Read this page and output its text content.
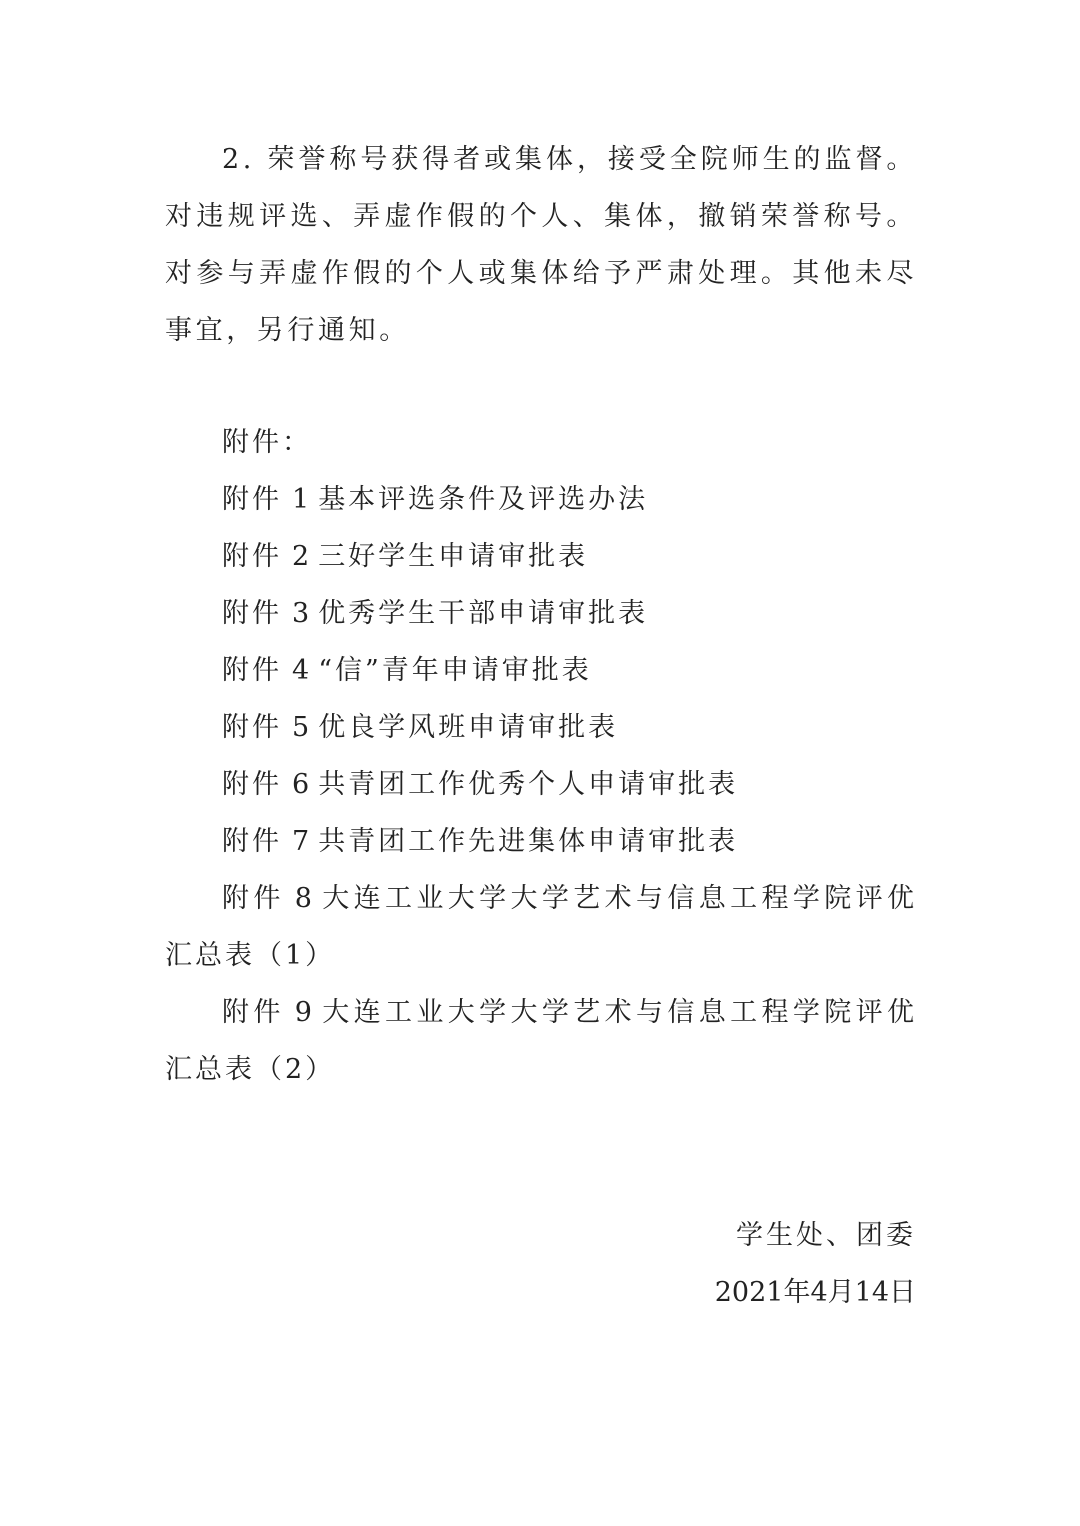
2. 荣誉称号获得者或集体，接受全院师生的监督。对违规评选、弄虚作假的个人、集体，撤销荣誉称号。对参与弄虚作假的个人或集体给予严肃处理。其他未尽事宜，另行通知。

附件：

附件 1 基本评选条件及评选办法
附件 2 三好学生申请审批表
附件 3 优秀学生干部申请审批表
附件 4 “信”青年申请审批表
附件 5 优良学风班申请审批表
附件 6 共青团工作优秀个人申请审批表
附件 7 共青团工作先进集体申请审批表
附件 8 大连工业大学大学艺术与信息工程学院评优汇总表（1）
附件 9 大连工业大学大学艺术与信息工程学院评优汇总表（2）
学生处、团委
2021年4月14日
